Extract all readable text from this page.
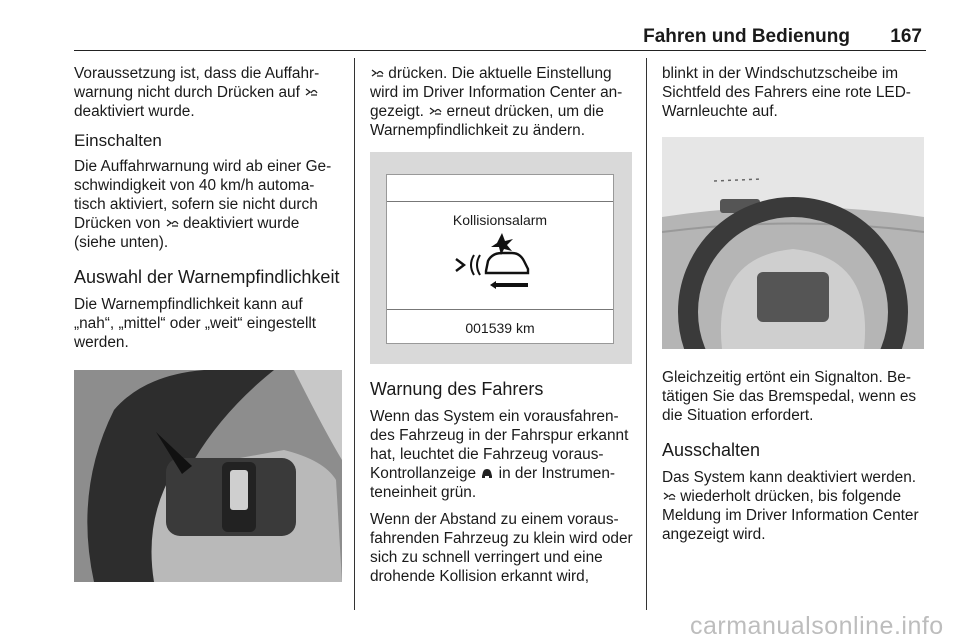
Fahren und Bedienung 167

Voraussetzung ist, dass die Auffahr-warnung nicht durch Drücken auf  deaktiviert wurde.

Einschalten

Die Auffahrwarnung wird ab einer Ge-schwindigkeit von 40 km/h automa-tisch aktiviert, sofern sie nicht durch Drücken von deaktiviert wurde (siehe unten).

Auswahl der Warnempfindlichkeit

Die Warnempfindlichkeit kann auf „nah“, „mittel“ oder „weit“ eingestellt werden.

drücken. Die aktuelle Einstellung wird im Driver Information Center an-gezeigt. erneut drücken, um die Warnempfindlichkeit zu ändern.

Kollisionsalarm
001539 km
Warnung des Fahrers

Wenn das System ein vorausfahren-des Fahrzeug in der Fahrspur erkannt hat, leuchtet die Fahrzeug voraus-Kontrollanzeige in der Instrumen-teneinheit grün.

Wenn der Abstand zu einem voraus-fahrenden Fahrzeug zu klein wird oder sich zu schnell verringert und eine drohende Kollision erkannt wird,

blinkt in der Windschutzscheibe im Sichtfeld des Fahrers eine rote LED-Warnleuchte auf.

Gleichzeitig ertönt ein Signalton. Be-tätigen Sie das Bremspedal, wenn es die Situation erfordert.

Ausschalten

Das System kann deaktiviert werden.
wiederholt drücken, bis folgende Meldung im Driver Information Center angezeigt wird.

carmanualsonline.info
